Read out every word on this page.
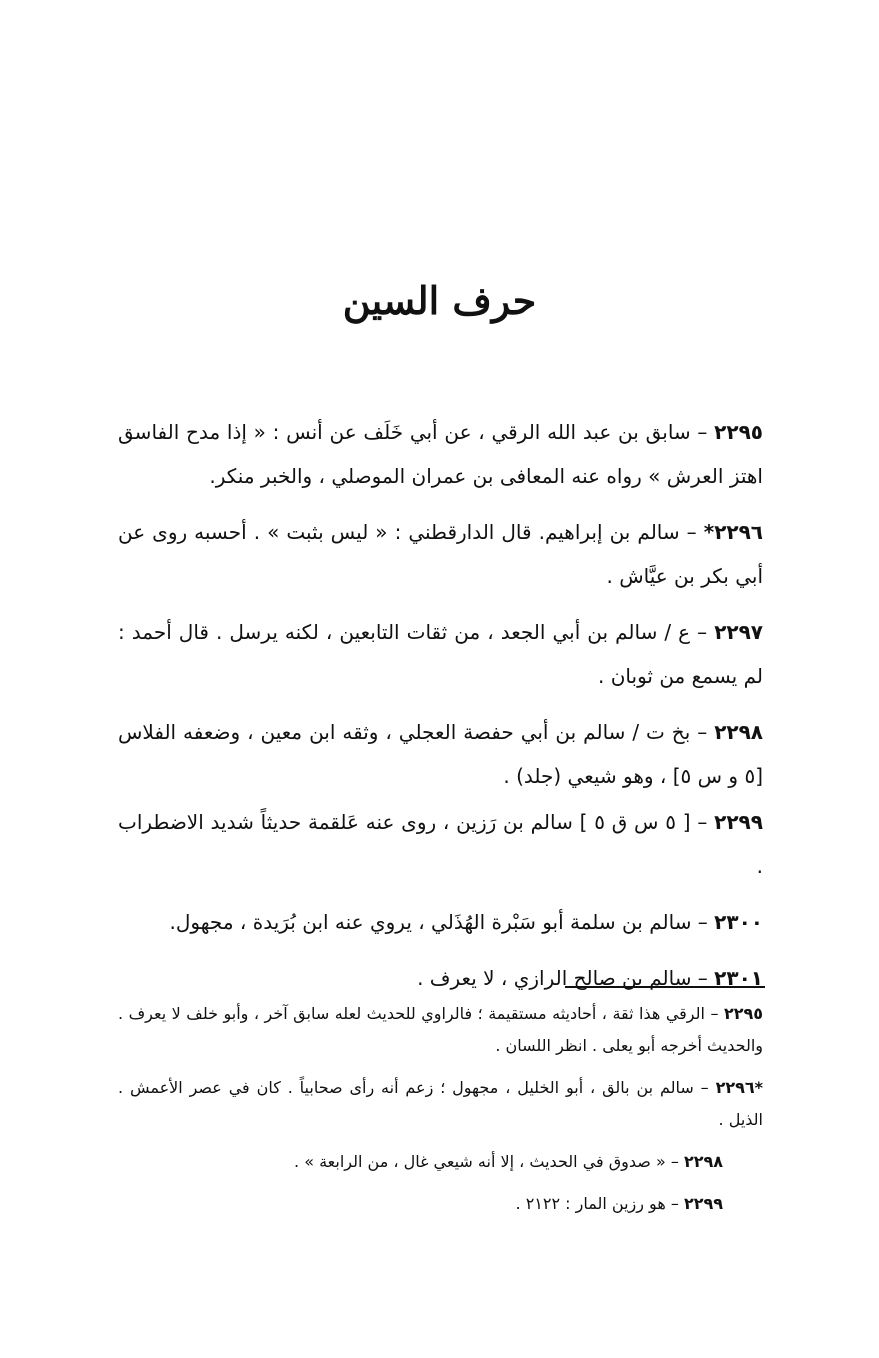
حرف السين

٢٢٩٥ – سابق بن عبد الله الرقي ، عن أبي خَلَف عن أنس : « إذا مدح الفاسق اهتز العرش » رواه عنه المعافى بن عمران الموصلي ، والخبر منكر.

٢٢٩٦* – سالم بن إبراهيم. قال الدارقطني : « ليس بثبت » . أحسبه روى عن أبي بكر بن عيَّاش .

٢٢٩٧ – ع / سالم بن أبي الجعد ، من ثقات التابعين ، لكنه يرسل . قال أحمد : لم يسمع من ثوبان .

٢٢٩٨ – بخ ت / سالم بن أبي حفصة العجلي ، وثقه ابن معين ، وضعفه الفلاس [٥ و س ٥] ، وهو شيعي (جلد) .

٢٢٩٩ – [ ٥ س ق ٥ ] سالم بن رَزين ، روى عنه عَلقمة حديثاً شديد الاضطراب .

٢٣٠٠ – سالم بن سلمة أبو سَبْرة الهُذَلي ، يروي عنه ابن بُرَيدة ، مجهول.

٢٣٠١ – سالم بن صالح الرازي ، لا يعرف .

٢٢٩٥ – الرقي هذا ثقة ، أحاديثه مستقيمة ؛ فالراوي للحديث لعله سابق آخر ، وأبو خلف لا يعرف . والحديث أخرجه أبو يعلى . انظر اللسان .

*٢٢٩٦ – سالم بن بالق ، أبو الخليل ، مجهول ؛ زعم أنه رأى صحابياً . كان في عصر الأعمش . الذيل .

٢٢٩٨ – « صدوق في الحديث ، إلا أنه شيعي غال ، من الرابعة » .

٢٢٩٩ – هو رزين المار : ٢١٢٢ .
